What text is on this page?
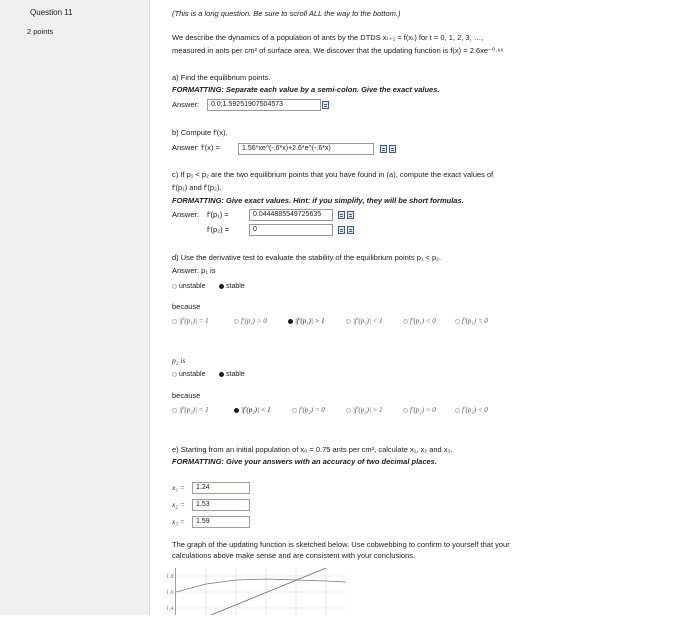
Question 11
2 points
(This is a long question. Be sure to scroll ALL the way to the bottom.)
We describe the dynamics of a population of ants by the DTDS xₜ₊₁ = f(xₜ) for t = 0, 1, 2, 3, …,
measured in ants per cm² of surface area. We discover that the updating function is f(x) = 2.6xe⁻⁰·⁶ˣ
a) Find the equilibrium points.
FORMATTING: Separate each value by a semi-colon. Give the exact values.
Answer:	0.0;1.59251907504573
b) Compute f′(x).
Answer: f′(x) =	1.56*xe^(-.6*x)+2.6*e^(-.6*x)
c) If p₁ < p₂ are the two equilibrium points that you have found in (a), compute the exact values of
f′(p₁) and f′(p₂).
FORMATTING: Give exact values. Hint: if you simplify, they will be short formulas.
Answer: f′(p₁) =	0.0444885549725635
f′(p₂) =	0
d) Use the derivative test to evaluate the stability of the equilibrium points p₁ < p₂.
Answer: p₁ is
unstable	stable
because
|f′(p₁)| = 1	f′(p₁) > 0	|f′(p₁)| > 1	|f′(p₁)| < 1	f′(p₁) < 0	f′(p₁) = 0
p₂ is
unstable	stable
because
|f′(p₂)| = 1	|f′(p₂)| < 1	f′(p₂) = 0	|f′(p₂)| > 1	f′(p₂) > 0	f′(p₂) < 0
e) Starting from an initial population of x₀ = 0.75 ants per cm², calculate x₁, x₂ and x₃.
FORMATTING: Give your answers with an accuracy of two decimal places.
x₁ =	1.24
x₂ =	1.53
x₃ =	1.59
The graph of the updating function is sketched below. Use cobwebbing to confirm to yourself that your
calculations above make sense and are consistent with your conclusions.
1.8
1.6
1.4
